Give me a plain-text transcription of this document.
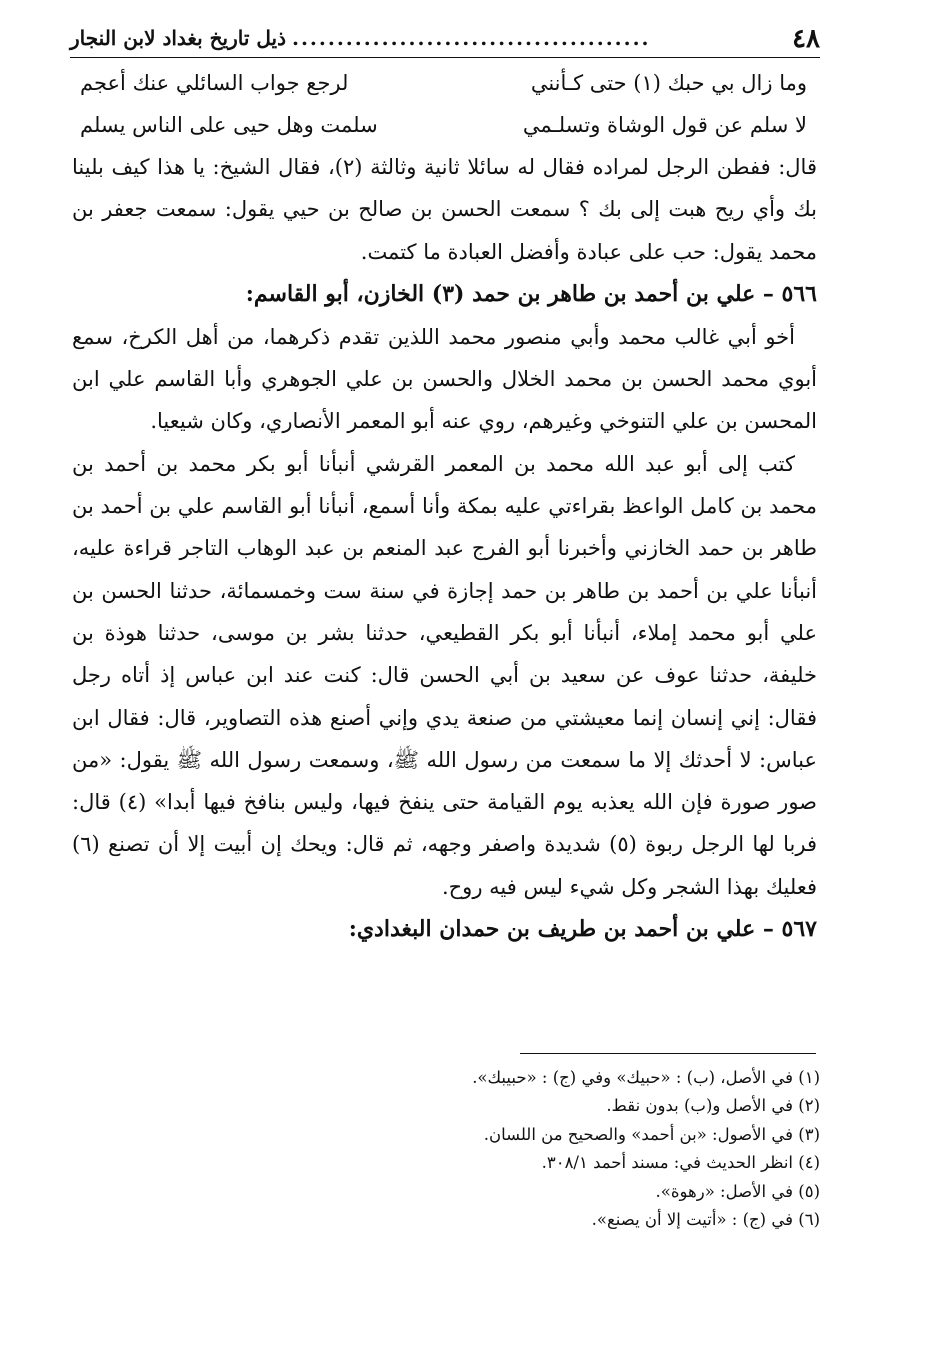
٤٨
........................................
ذيل تاريخ بغداد لابن النجار
وما زال بي حبك (١) حتى كـأنني
لرجع جواب السائلي عنك أعجم
لا سلم عن قول الوشاة وتسلـمي
سلمت وهل حيى على الناس يسلم

قال: ففطن الرجل لمراده فقال له سائلا ثانية وثالثة (٢)، فقال الشيخ: يا هذا كيف بلينا بك وأي ريح هبت إلى بك ؟ سمعت الحسن بن صالح بن حيي يقول: سمعت جعفر بن محمد يقول: حب على عبادة وأفضل العبادة ما كتمت.

٥٦٦ – علي بن أحمد بن طاهر بن حمد (٣) الخازن، أبو القاسم:

أخو أبي غالب محمد وأبي منصور محمد اللذين تقدم ذكرهما، من أهل الكرخ، سمع أبوي محمد الحسن بن محمد الخلال والحسن بن علي الجوهري وأبا القاسم علي ابن المحسن بن علي التنوخي وغيرهم، روي عنه أبو المعمر الأنصاري، وكان شيعيا.

كتب إلى أبو عبد الله محمد بن المعمر القرشي أنبأنا أبو بكر محمد بن أحمد بن محمد بن كامل الواعظ بقراءتي عليه بمكة وأنا أسمع، أنبأنا أبو القاسم علي بن أحمد بن طاهر بن حمد الخازني وأخبرنا أبو الفرج عبد المنعم بن عبد الوهاب التاجر قراءة عليه، أنبأنا علي بن أحمد بن طاهر بن حمد إجازة في سنة ست وخمسمائة، حدثنا الحسن بن علي أبو محمد إملاء، أنبأنا أبو بكر القطيعي، حدثنا بشر بن موسى، حدثنا هوذة بن خليفة، حدثنا عوف عن سعيد بن أبي الحسن قال: كنت عند ابن عباس إذ أتاه رجل فقال: إني إنسان إنما معيشتي من صنعة يدي وإني أصنع هذه التصاوير، قال: فقال ابن عباس: لا أحدثك إلا ما سمعت من رسول الله ﷺ، وسمعت رسول الله ﷺ يقول: «من صور صورة فإن الله يعذبه يوم القيامة حتى ينفخ فيها، وليس بنافخ فيها أبدا» (٤) قال: فربا لها الرجل ربوة (٥) شديدة واصفر وجهه، ثم قال: ويحك إن أبيت إلا أن تصنع (٦) فعليك بهذا الشجر وكل شيء ليس فيه روح.

٥٦٧ – علي بن أحمد بن طريف بن حمدان البغدادي:

(١) في الأصل، (ب) : «حبيك» وفي (ج) : «حبيبك».
(٢) في الأصل و(ب) بدون نقط.
(٣) في الأصول: «بن أحمد» والصحيح من اللسان.
(٤) انظر الحديث في: مسند أحمد ٣٠٨/١.
(٥) في الأصل: «رهوة».
(٦) في (ج) : «أتيت إلا أن يصنع».
